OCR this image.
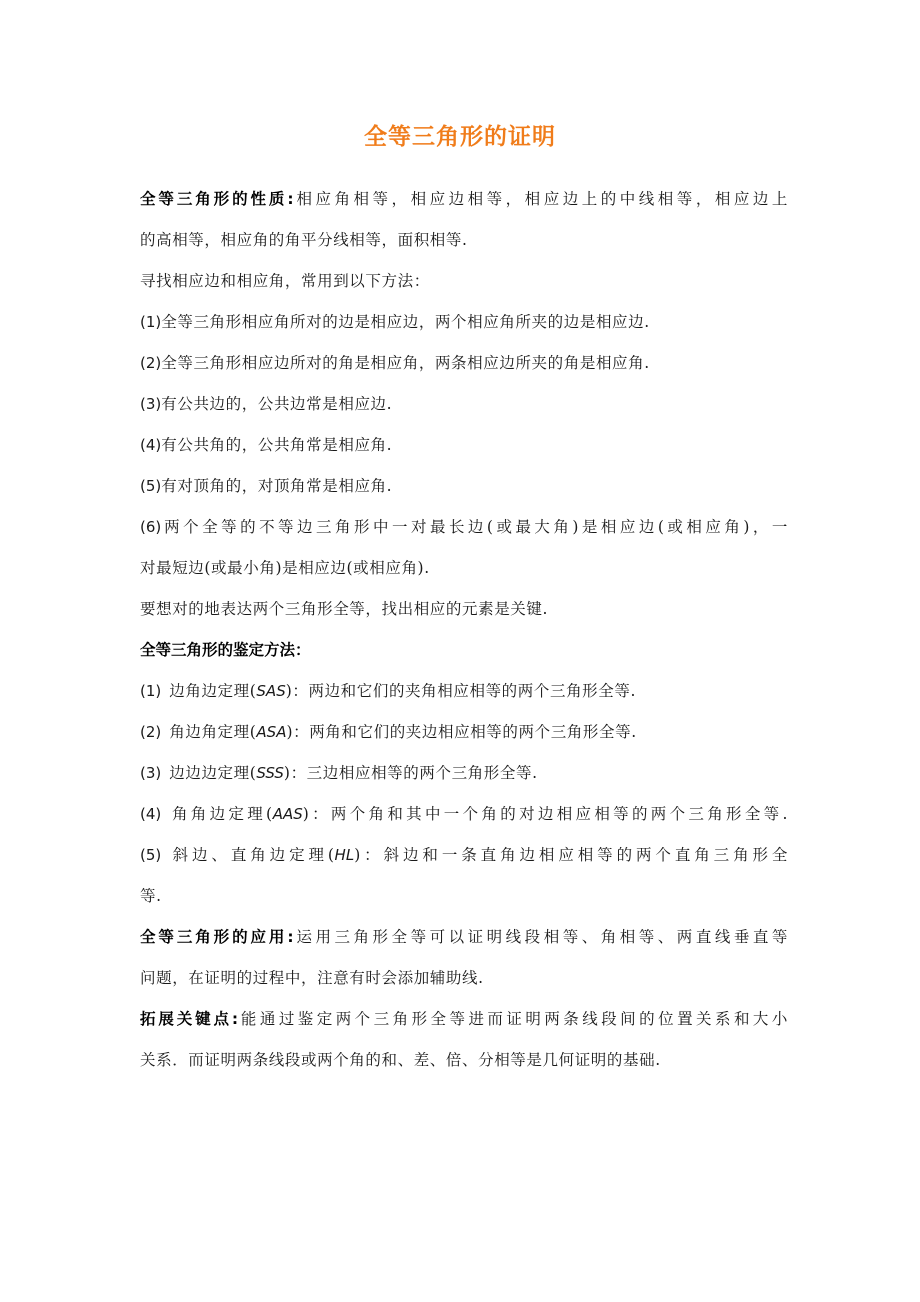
全等三角形的证明
全等三角形的性质:相应角相等，相应边相等，相应边上的中线相等，相应边上
的高相等，相应角的角平分线相等，面积相等.
寻找相应边和相应角，常用到以下方法：
(1)全等三角形相应角所对的边是相应边，两个相应角所夹的边是相应边.
(2)全等三角形相应边所对的角是相应角，两条相应边所夹的角是相应角.
(3)有公共边的，公共边常是相应边.
(4)有公共角的，公共角常是相应角.
(5)有对顶角的，对顶角常是相应角.
(6)两个全等的不等边三角形中一对最长边(或最大角)是相应边(或相应角)，一
对最短边(或最小角)是相应边(或相应角).
要想对的地表达两个三角形全等，找出相应的元素是关键.
全等三角形的鉴定方法：
(1) 边角边定理(SAS)：两边和它们的夹角相应相等的两个三角形全等.
(2) 角边角定理(ASA)：两角和它们的夹边相应相等的两个三角形全等.
(3) 边边边定理(SSS)：三边相应相等的两个三角形全等.
(4) 角角边定理(AAS)：两个角和其中一个角的对边相应相等的两个三角形全等.
(5) 斜边、直角边定理(HL)：斜边和一条直角边相应相等的两个直角三角形全
等.
全等三角形的应用:运用三角形全等可以证明线段相等、角相等、两直线垂直等
问题，在证明的过程中，注意有时会添加辅助线.
拓展关键点:能通过鉴定两个三角形全等进而证明两条线段间的位置关系和大小
关系．而证明两条线段或两个角的和、差、倍、分相等是几何证明的基础.
